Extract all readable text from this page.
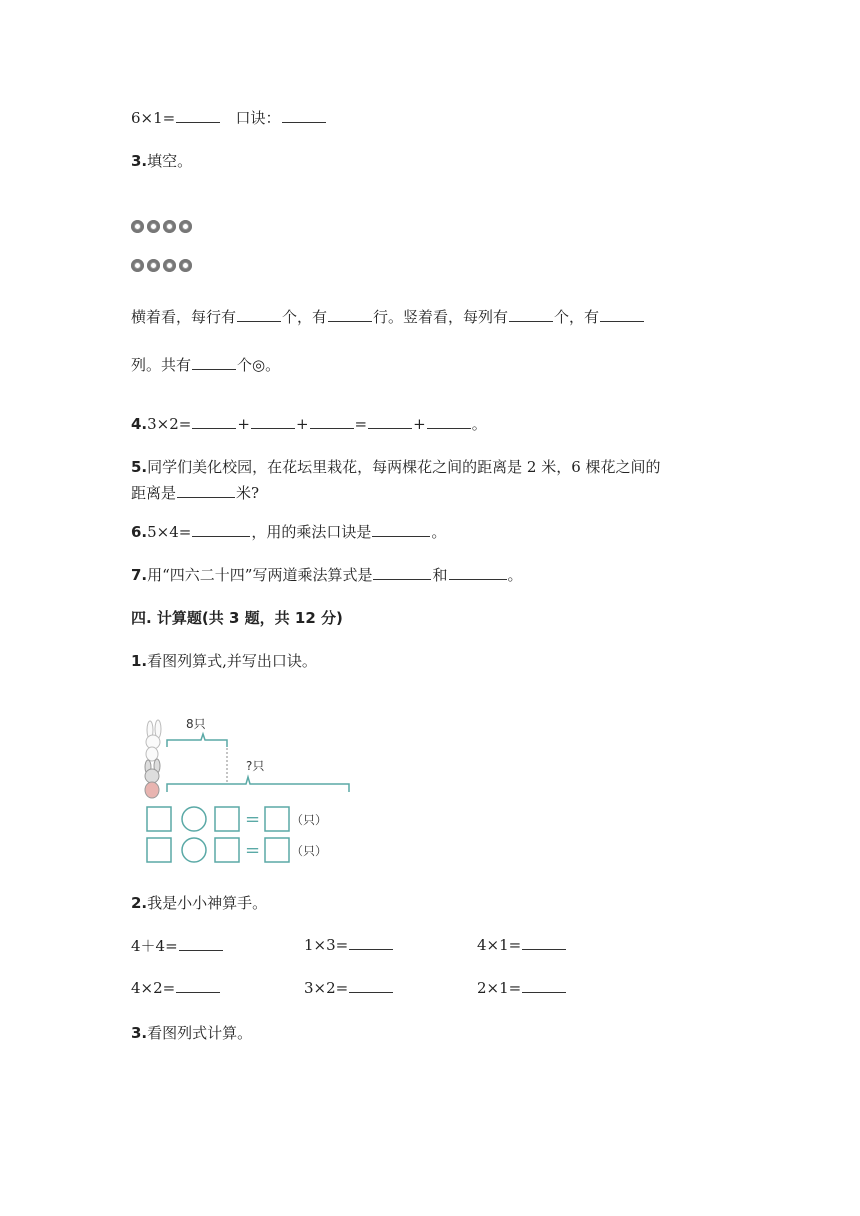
6×1=	口诀：
3.填空。
横着看，每行有	个，有	行。竖着看，每列有	个，有
列。共有	个◎。
4.3×2=	+	+	=	+	。
5.同学们美化校园，在花坛里栽花，每两棵花之间的距离是 2 米，6 棵花之间的
距离是	米?
6.5×4=	，用的乘法口诀是	。
7.用“四六二十四”写两道乘法算式是	和	。
四. 计算题(共 3 题，共 12 分)
1.看图列算式,并写出口诀。
8只
?只
=	（只）
=	（只）
2.我是小小神算手。
4＋4=	1×3=	4×1=
4×2=	3×2=	2×1=
3.看图列式计算。
